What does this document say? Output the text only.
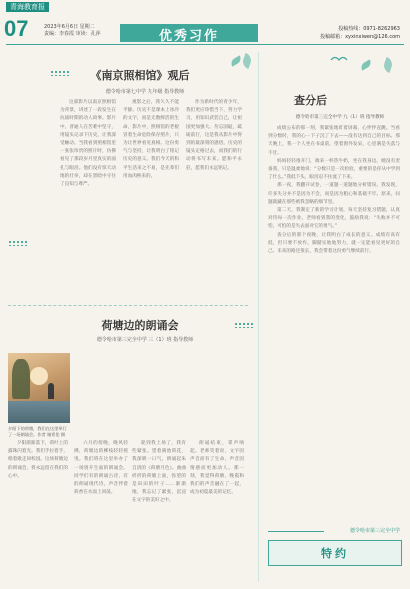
青海教育报
07	2023年6月6日 星期二
责编：李春霞 审读：孔萍	优秀习作	投稿热线：0971-8262963
投稿邮箱：xyxinxiwen@126.com
《南京照相馆》观后
德令哈市第七中学 九年级 指导教师

这部影片以南京照相馆为背景，讲述了一段发生在抗战时期的动人故事。影片中，普通人在苦难中坚守，用镜头记录下历史，让我深受触动。当我看到照相馆里一张张珍贵的照片时，仿佛看见了那段岁月里真实的面孔与眼泪。他们没有惊天动地的壮举，却在黑暗中守住了良知与尊严。

观影之后，我久久不能平静。历史不是课本上冰冷的文字，而是无数鲜活的生命。影片中，照相馆的老板冒着生命危险保存照片，只为让世界看见真相。这份勇气与坚持，让我明白了铭记历史的意义。我们今天的和平生活来之不易，是先辈们用血肉换来的。

作为新时代的青少年，我们更应珍惜当下，努力学习，用知识武装自己，让祖国更加强大。勿忘国耻，砥砺前行，这是我从影片中得到的最深刻的感悟。历史的镜头定格过去，而我们的行动将书写未来。愿和平永驻，愿我们永远铭记。

荷塘边的朗诵会
德令哈市第三完全中学 三（1）班 指导教师

夕阳下的荷塘，我们在这里举行了一场朗诵会。作者 谢希伦 摄

六月的傍晚，晚风轻拂，荷塘边的柳枝轻轻摇曳。我们班在这里举办了一场别开生面的朗诵会。同学们有的朗诵古诗，有的朗诵现代诗，声音伴着荷香在水面上回荡。

轮到我上场了，我有些紧张。望着满池荷花，我深吸一口气，朗诵起朱自清的《荷塘月色》。曲曲折折的荷塘上面，弥望的是田田的叶子……渐渐地，我忘记了紧张，沉浸在文字的美好之中。

朗诵结束，掌声响起。老师笑着说，文字因声音而有了生命，声音因情感而更加动人。那一刻，我觉得荷塘、晚霞和我们的声音融在了一起，成为初夏最美的记忆。

夕阳渐渐落下，荷叶上的露珠闪着光。我们手拉着手，唱着歌走回校园。这场荷塘边的朗诵会，将永远留在我们的心中。

查分后
德令哈市第三完全中学 九（1）班 指导教师

成绩公布的那一刻，我紧张地盯着屏幕，心怦怦直跳。当看到分数时，我的心一下子沉了下去——没有达到自己的目标。那天晚上，我一个人坐在书桌前，望着窗外发呆，心里满是失落与不甘。

妈妈轻轻推开门，端来一杯热牛奶，坐在我身边。她没有责备我，只是温柔地说：“分数只是一次检验，重要的是你从中学到了什么。”我低下头，眼泪忍不住流了下来。

那一夜，我翻开试卷，一道题一道题地分析错误。我发现，许多失分并不是因为不会，而是因为粗心和基础不牢。原来，问题就藏在那些被我忽略的细节里。

第二天，我制定了新的学习计划，每天坚持复习错题，认真对待每一次作业。老师看到我的变化，鼓励我说：“失败并不可怕，可怕的是失去面对它的勇气。”

查分后的那个夜晚，让我明白了成长的意义。成绩有高有低，但只要不放弃，脚踏实地地努力，就一定能看见更好的自己。未来的路还很长，我会带着这份勇气继续前行。

德令哈市第三完全中学
特约
